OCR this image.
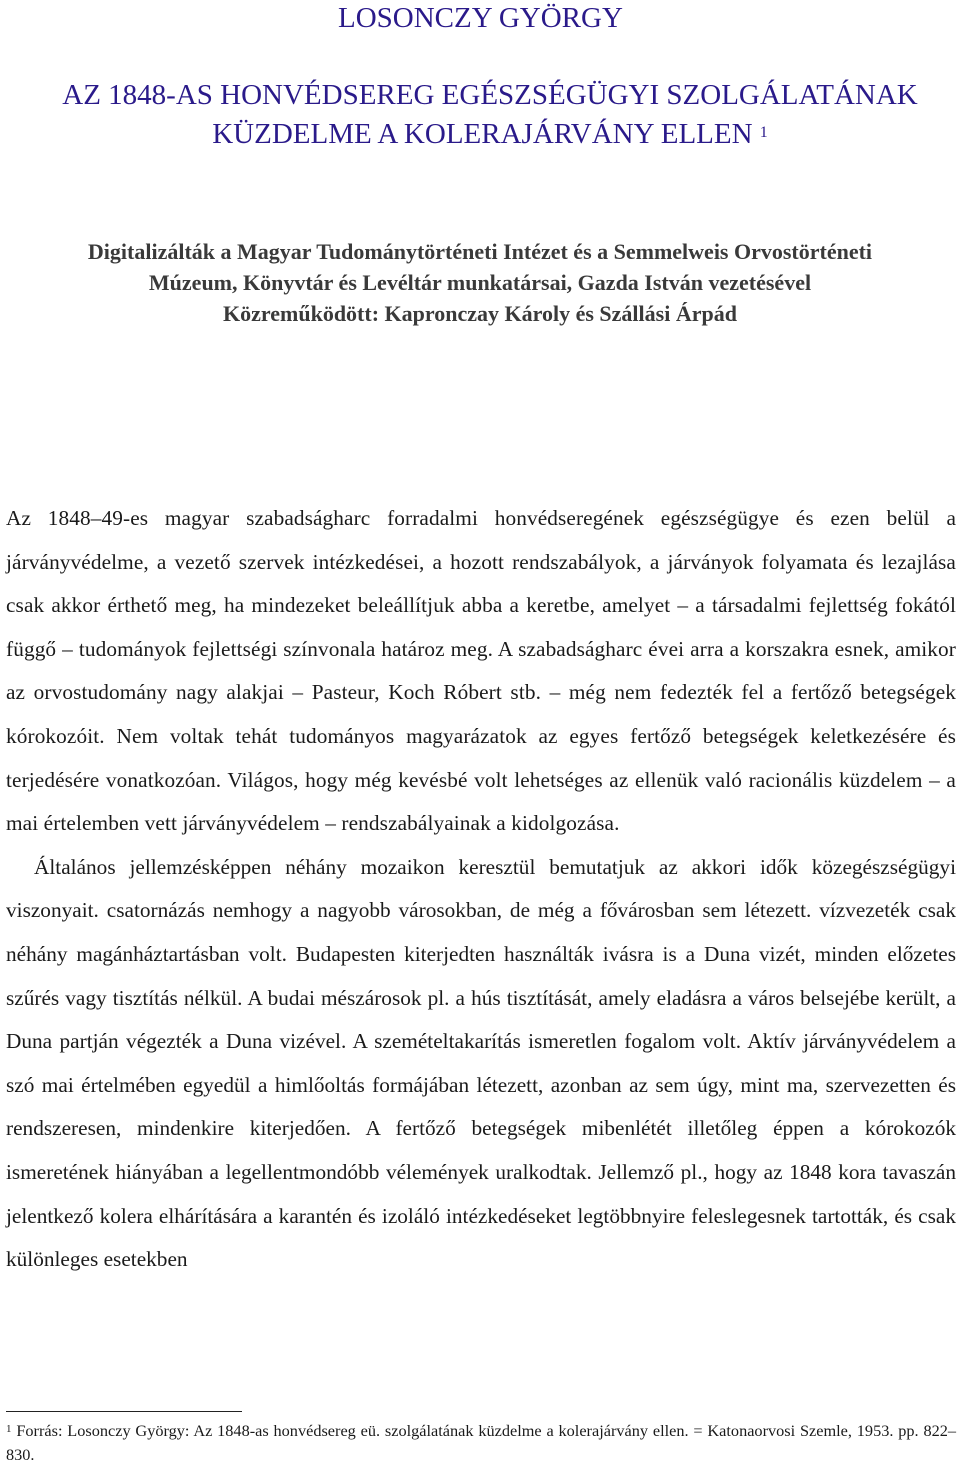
LOSONCZY GYÖRGY
AZ 1848-AS HONVÉDSEREG EGÉSZSÉGÜGYI SZOLGÁLATÁNAK
KÜZDELME A KOLERAJÁRVÁNY ELLEN $^1$
Digitalizálták a Magyar Tudománytörténeti Intézet és a Semmelweis Orvostörténeti
Múzeum, Könyvtár és Levéltár munkatársai, Gazda István vezetésével
Közreműködött: Kapronczay Károly és Szállási Árpád

Az 1848–49-es magyar szabadságharc forradalmi honvédseregének egészségügye és ezen belül a járványvédelme, a vezető szervek intézkedései, a hozott rendszabályok, a járványok folyamata és lezajlása csak akkor érthető meg, ha mindezeket beleállítjuk abba a keretbe, amelyet – a társadalmi fejlettség fokától függő – tudományok fejlettségi színvonala határoz meg. A szabadságharc évei arra a korszakra esnek, amikor az orvostudomány nagy alakjai – Pasteur, Koch Róbert stb. – még nem fedezték fel a fertőző betegségek kórokozóit. Nem voltak tehát tudományos magyarázatok az egyes fertőző betegségek keletkezésére és terjedésére vonatkozóan. Világos, hogy még kevésbé volt lehetséges az ellenük való racionális küzdelem – a mai értelemben vett járványvédelem – rendszabályainak a kidolgozása.

Általános jellemzésképpen néhány mozaikon keresztül bemutatjuk az akkori idők közegészségügyi viszonyait. csatornázás nemhogy a nagyobb városokban, de még a fővárosban sem létezett. vízvezeték csak néhány magánháztartásban volt. Budapesten kiterjedten használták ivásra is a Duna vizét, minden előzetes szűrés vagy tisztítás nélkül. A budai mészárosok pl. a hús tisztítását, amely eladásra a város belsejébe került, a Duna partján végezték a Duna vizével. A szemételtakarítás ismeretlen fogalom volt. Aktív járványvédelem a szó mai értelmében egyedül a himlőoltás formájában létezett, azonban az sem úgy, mint ma, szervezetten és rendszeresen, mindenkire kiterjedően. A fertőző betegségek mibenlétét illetőleg éppen a kórokozók ismeretének hiányában a legellentmondóbb vélemények uralkodtak. Jellemző pl., hogy az 1848 kora tavaszán jelentkező kolera elhárítására a karantén és izoláló intézkedéseket legtöbbnyire feleslegesnek tartották, és csak különleges esetekben

$^1$ Forrás: Losonczy György: Az 1848-as honvédsereg eü. szolgálatának küzdelme a kolerajárvány ellen. = Katonaorvosi Szemle, 1953. pp. 822–830.
